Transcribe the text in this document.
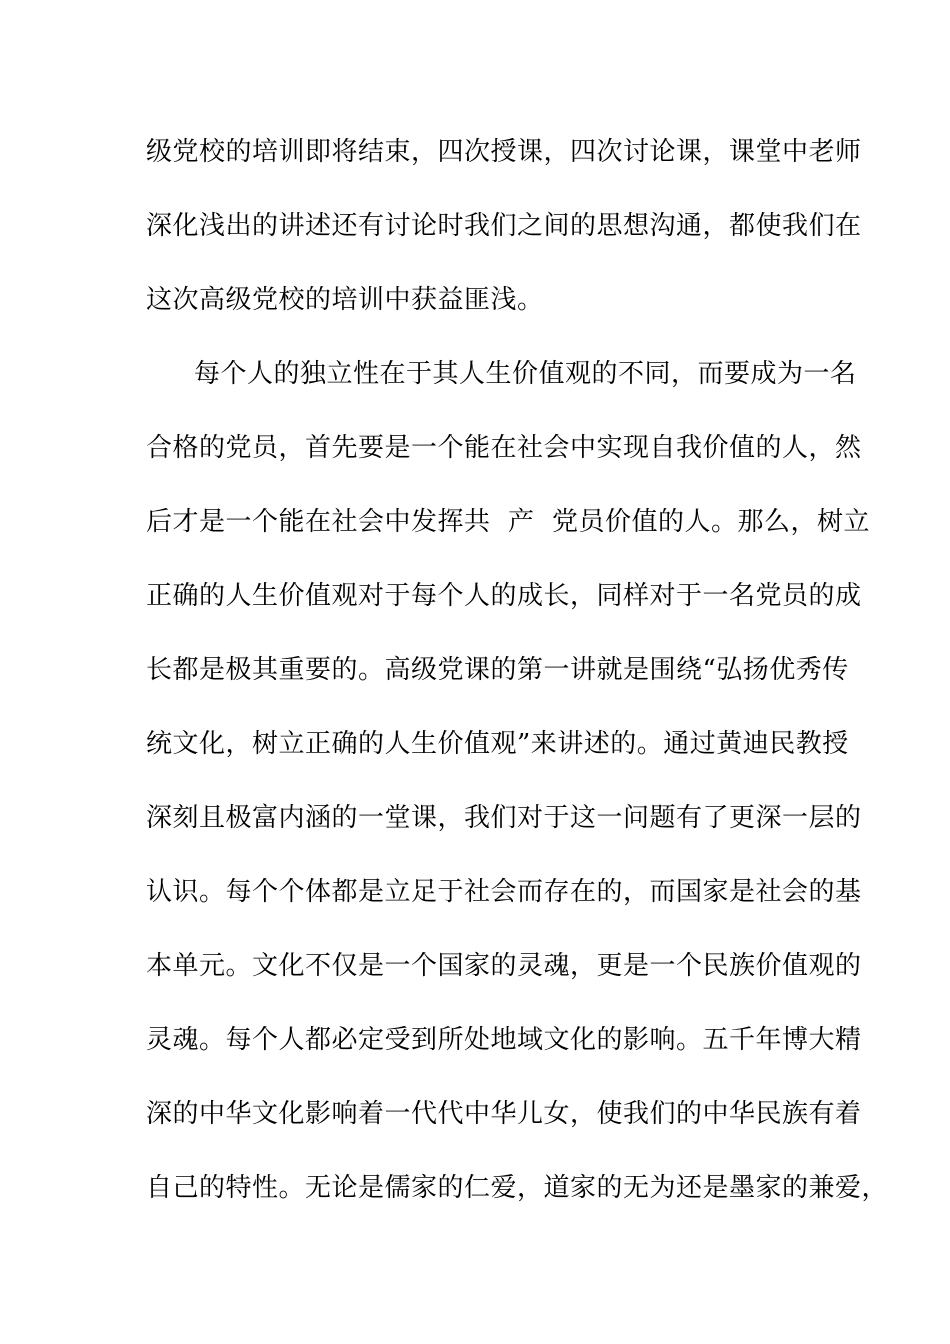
级党校的培训即将结束，四次授课，四次讨论课，课堂中老师
深化浅出的讲述还有讨论时我们之间的思想沟通，都使我们在
这次高级党校的培训中获益匪浅。
每个人的独立性在于其人生价值观的不同，而要成为一名
合格的党员，首先要是一个能在社会中实现自我价值的人，然
后才是一个能在社会中发挥共  产  党员价值的人。那么，树立
正确的人生价值观对于每个人的成长，同样对于一名党员的成
长都是极其重要的。高级党课的第一讲就是围绕“弘扬优秀传
统文化，树立正确的人生价值观”来讲述的。通过黄迪民教授
深刻且极富内涵的一堂课，我们对于这一问题有了更深一层的
认识。每个个体都是立足于社会而存在的，而国家是社会的基
本单元。文化不仅是一个国家的灵魂，更是一个民族价值观的
灵魂。每个人都必定受到所处地域文化的影响。五千年博大精
深的中华文化影响着一代代中华儿女，使我们的中华民族有着
自己的特性。无论是儒家的仁爱，道家的无为还是墨家的兼爱，
